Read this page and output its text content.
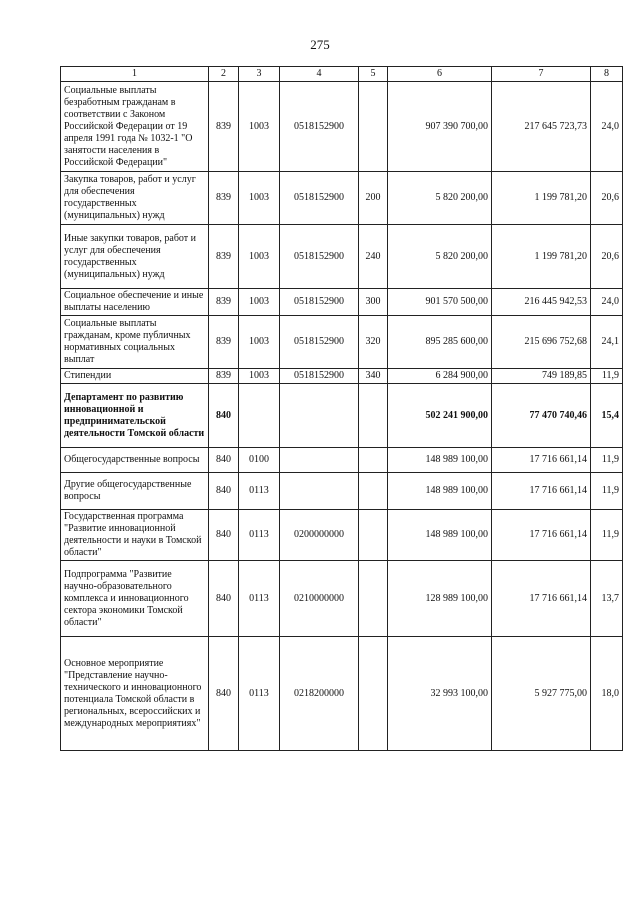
275
1	2	3	4	5	6	7	8
Социальные выплаты безработным гражданам в соответствии с Законом Российской Федерации от 19 апреля 1991 года № 1032-1 "О занятости населения в Российской Федерации"	839	1003	0518152900		907 390 700,00	217 645 723,73	24,0
Закупка товаров, работ и услуг для обеспечения государственных (муниципальных) нужд	839	1003	0518152900	200	5 820 200,00	1 199 781,20	20,6
Иные закупки товаров, работ и услуг для обеспечения государственных (муниципальных) нужд	839	1003	0518152900	240	5 820 200,00	1 199 781,20	20,6
Социальное обеспечение и иные выплаты населению	839	1003	0518152900	300	901 570 500,00	216 445 942,53	24,0
Социальные выплаты гражданам, кроме публичных нормативных социальных выплат	839	1003	0518152900	320	895 285 600,00	215 696 752,68	24,1
Стипендии	839	1003	0518152900	340	6 284 900,00	749 189,85	11,9
Департамент по развитию инновационной и предпринимательской деятельности Томской области	840				502 241 900,00	77 470 740,46	15,4
Общегосударственные вопросы	840	0100			148 989 100,00	17 716 661,14	11,9
Другие общегосударственные вопросы	840	0113			148 989 100,00	17 716 661,14	11,9
Государственная программа "Развитие инновационной деятельности и науки в Томской области"	840	0113	0200000000		148 989 100,00	17 716 661,14	11,9
Подпрограмма "Развитие научно-образовательного комплекса и инновационного сектора экономики Томской области"	840	0113	0210000000		128 989 100,00	17 716 661,14	13,7
Основное мероприятие "Представление научно-технического и инновационного потенциала Томской области в региональных, всероссийских и международных мероприятиях"	840	0113	0218200000		32 993 100,00	5 927 775,00	18,0
